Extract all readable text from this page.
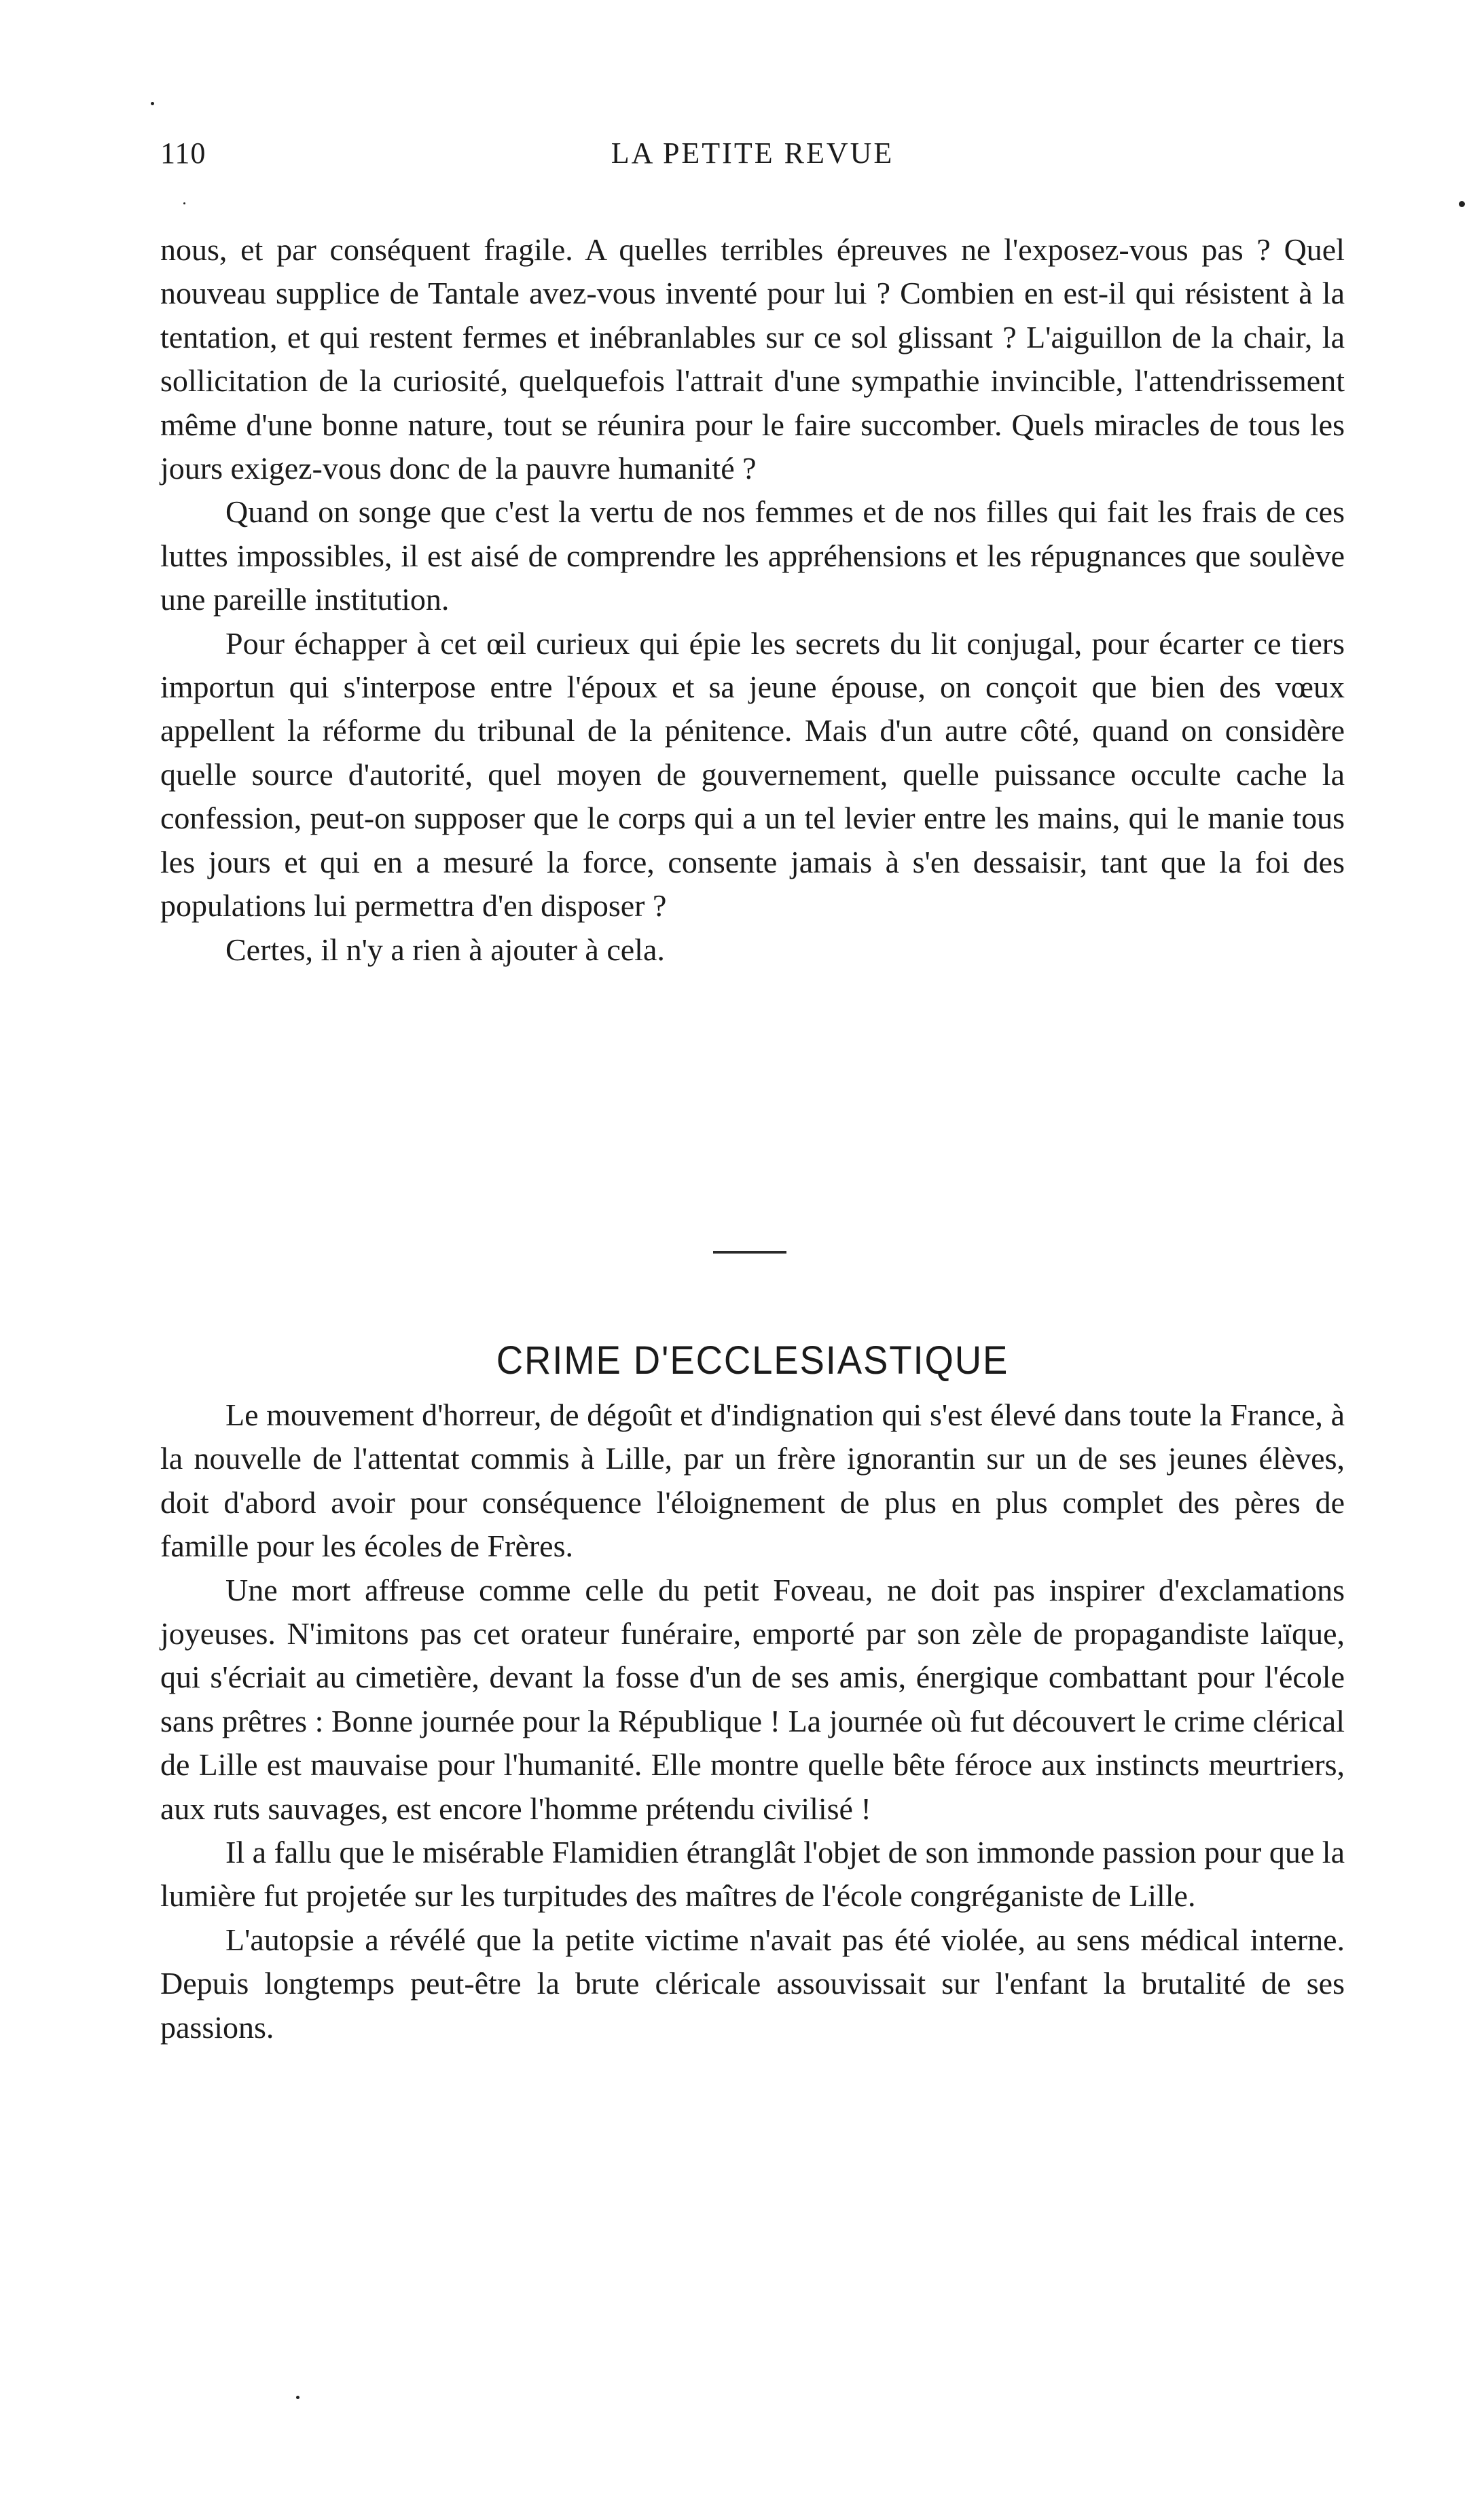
110	LA PETITE REVUE

nous, et par conséquent fragile. A quelles terribles épreuves ne l'exposez-vous pas ? Quel nouveau supplice de Tantale avez-vous inventé pour lui ? Combien en est-il qui résistent à la tentation, et qui restent fermes et inébranlables sur ce sol glissant ? L'aiguillon de la chair, la sollicitation de la curiosité, quelquefois l'attrait d'une sympathie invincible, l'attendrissement même d'une bonne nature, tout se réunira pour le faire succomber. Quels miracles de tous les jours exigez-vous donc de la pauvre humanité ?

Quand on songe que c'est la vertu de nos femmes et de nos filles qui fait les frais de ces luttes impossibles, il est aisé de comprendre les appréhensions et les répugnances que soulève une pareille institution.

Pour échapper à cet œil curieux qui épie les secrets du lit conjugal, pour écarter ce tiers importun qui s'interpose entre l'époux et sa jeune épouse, on conçoit que bien des vœux appellent la réforme du tribunal de la pénitence. Mais d'un autre côté, quand on considère quelle source d'autorité, quel moyen de gouvernement, quelle puissance occulte cache la confession, peut-on supposer que le corps qui a un tel levier entre les mains, qui le manie tous les jours et qui en a mesuré la force, consente jamais à s'en dessaisir, tant que la foi des populations lui permettra d'en disposer ?

Certes, il n'y a rien à ajouter à cela.

CRIME D'ECCLESIASTIQUE

Le mouvement d'horreur, de dégoût et d'indignation qui s'est élevé dans toute la France, à la nouvelle de l'attentat commis à Lille, par un frère ignorantin sur un de ses jeunes élèves, doit d'abord avoir pour conséquence l'éloignement de plus en plus complet des pères de famille pour les écoles de Frères.

Une mort affreuse comme celle du petit Foveau, ne doit pas inspirer d'exclamations joyeuses. N'imitons pas cet orateur funéraire, emporté par son zèle de propagandiste laïque, qui s'écriait au cimetière, devant la fosse d'un de ses amis, énergique combattant pour l'école sans prêtres : Bonne journée pour la République ! La journée où fut découvert le crime clérical de Lille est mauvaise pour l'humanité. Elle montre quelle bête féroce aux instincts meurtriers, aux ruts sauvages, est encore l'homme prétendu civilisé !

Il a fallu que le misérable Flamidien étranglât l'objet de son immonde passion pour que la lumière fut projetée sur les turpitudes des maîtres de l'école congréganiste de Lille.

L'autopsie a révélé que la petite victime n'avait pas été violée, au sens médical interne. Depuis longtemps peut-être la brute cléricale assouvissait sur l'enfant la brutalité de ses passions.
